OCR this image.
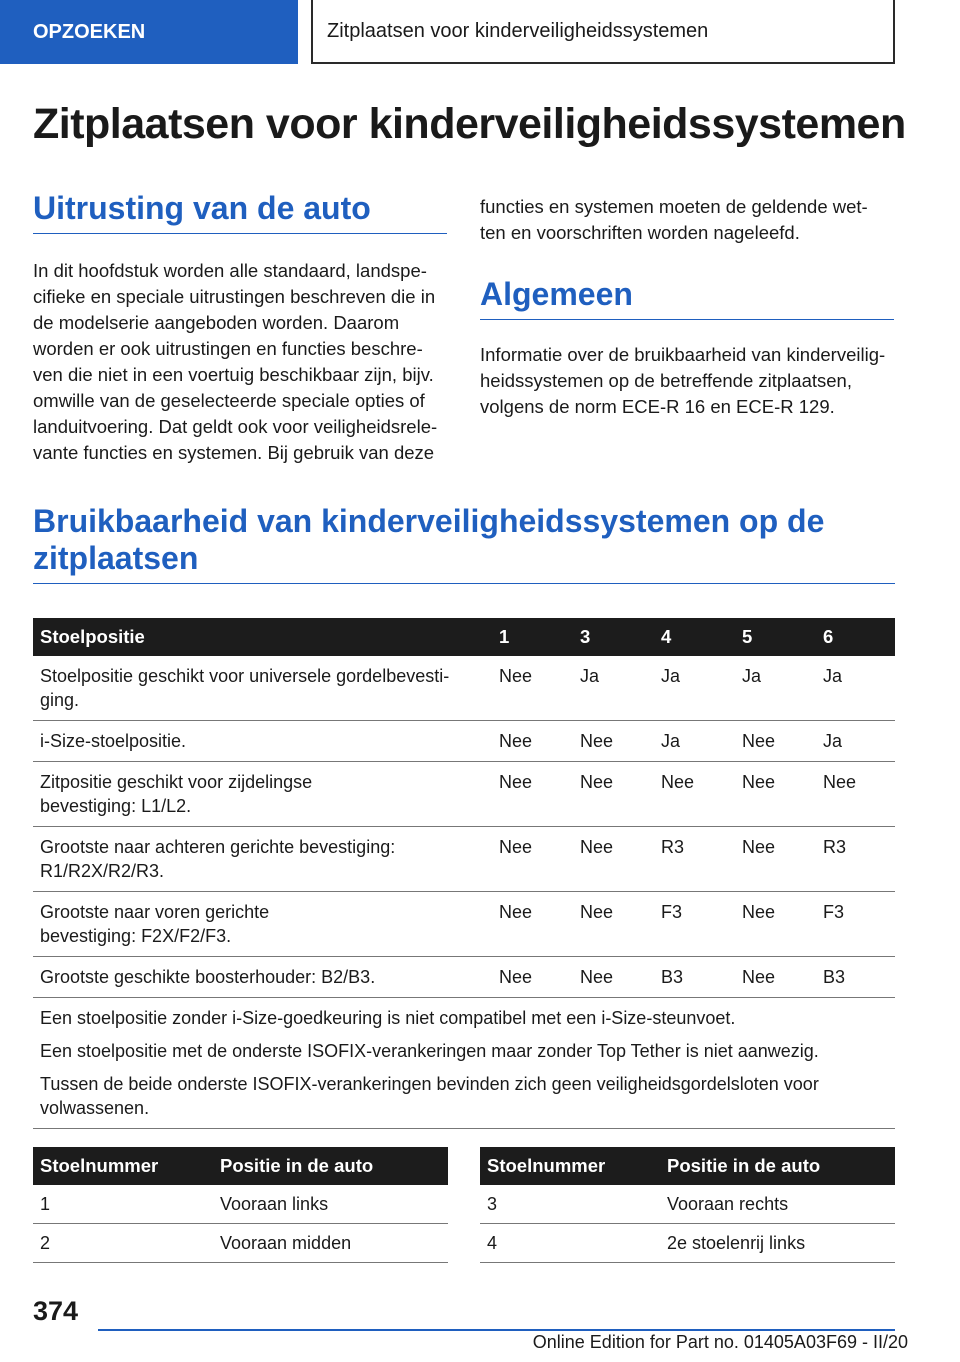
OPZOEKEN	Zitplaatsen voor kinderveiligheidssystemen
Zitplaatsen voor kinderveiligheidssystemen
Uitrusting van de auto

In dit hoofdstuk worden alle standaard, landspe-
cifieke en speciale uitrustingen beschreven die in
de modelserie aangeboden worden. Daarom
worden er ook uitrustingen en functies beschre-
ven die niet in een voertuig beschikbaar zijn, bijv.
omwille van de geselecteerde speciale opties of
landuitvoering. Dat geldt ook voor veiligheidsrele-
vante functies en systemen. Bij gebruik van deze

functies en systemen moeten de geldende wet-
ten en voorschriften worden nageleefd.

Algemeen

Informatie over de bruikbaarheid van kinderveilig-
heidssystemen op de betreffende zitplaatsen,
volgens de norm ECE-R 16 en ECE-R 129.

Bruikbaarheid van kinderveiligheidssystemen op de
zitplaatsen
Stoelpositie	1	3	4	5	6
Stoelpositie geschikt voor universele gordelbevesti-
ging.	Nee	Ja	Ja	Ja	Ja
i-Size-stoelpositie.	Nee	Nee	Ja	Nee	Ja
Zitpositie geschikt voor zijdelingse
bevestiging: L1/L2.	Nee	Nee	Nee	Nee	Nee
Grootste naar achteren gerichte bevestiging:
R1/R2X/R2/R3.	Nee	Nee	R3	Nee	R3
Grootste naar voren gerichte
bevestiging: F2X/F2/F3.	Nee	Nee	F3	Nee	F3
Grootste geschikte boosterhouder: B2/B3.	Nee	Nee	B3	Nee	B3

Een stoelpositie zonder i-Size-goedkeuring is niet compatibel met een i-Size-steunvoet.

Een stoelpositie met de onderste ISOFIX-verankeringen maar zonder Top Tether is niet aanwezig.

Tussen de beide onderste ISOFIX-verankeringen bevinden zich geen veiligheidsgordelsloten voor volwassenen.					

Stoelnummer	Positie in de auto
1	Vooraan links
2	Vooraan midden
Stoelnummer	Positie in de auto
3	Vooraan rechts
4	2e stoelenrij links
374
Online Edition for Part no. 01405A03F69 - II/20
